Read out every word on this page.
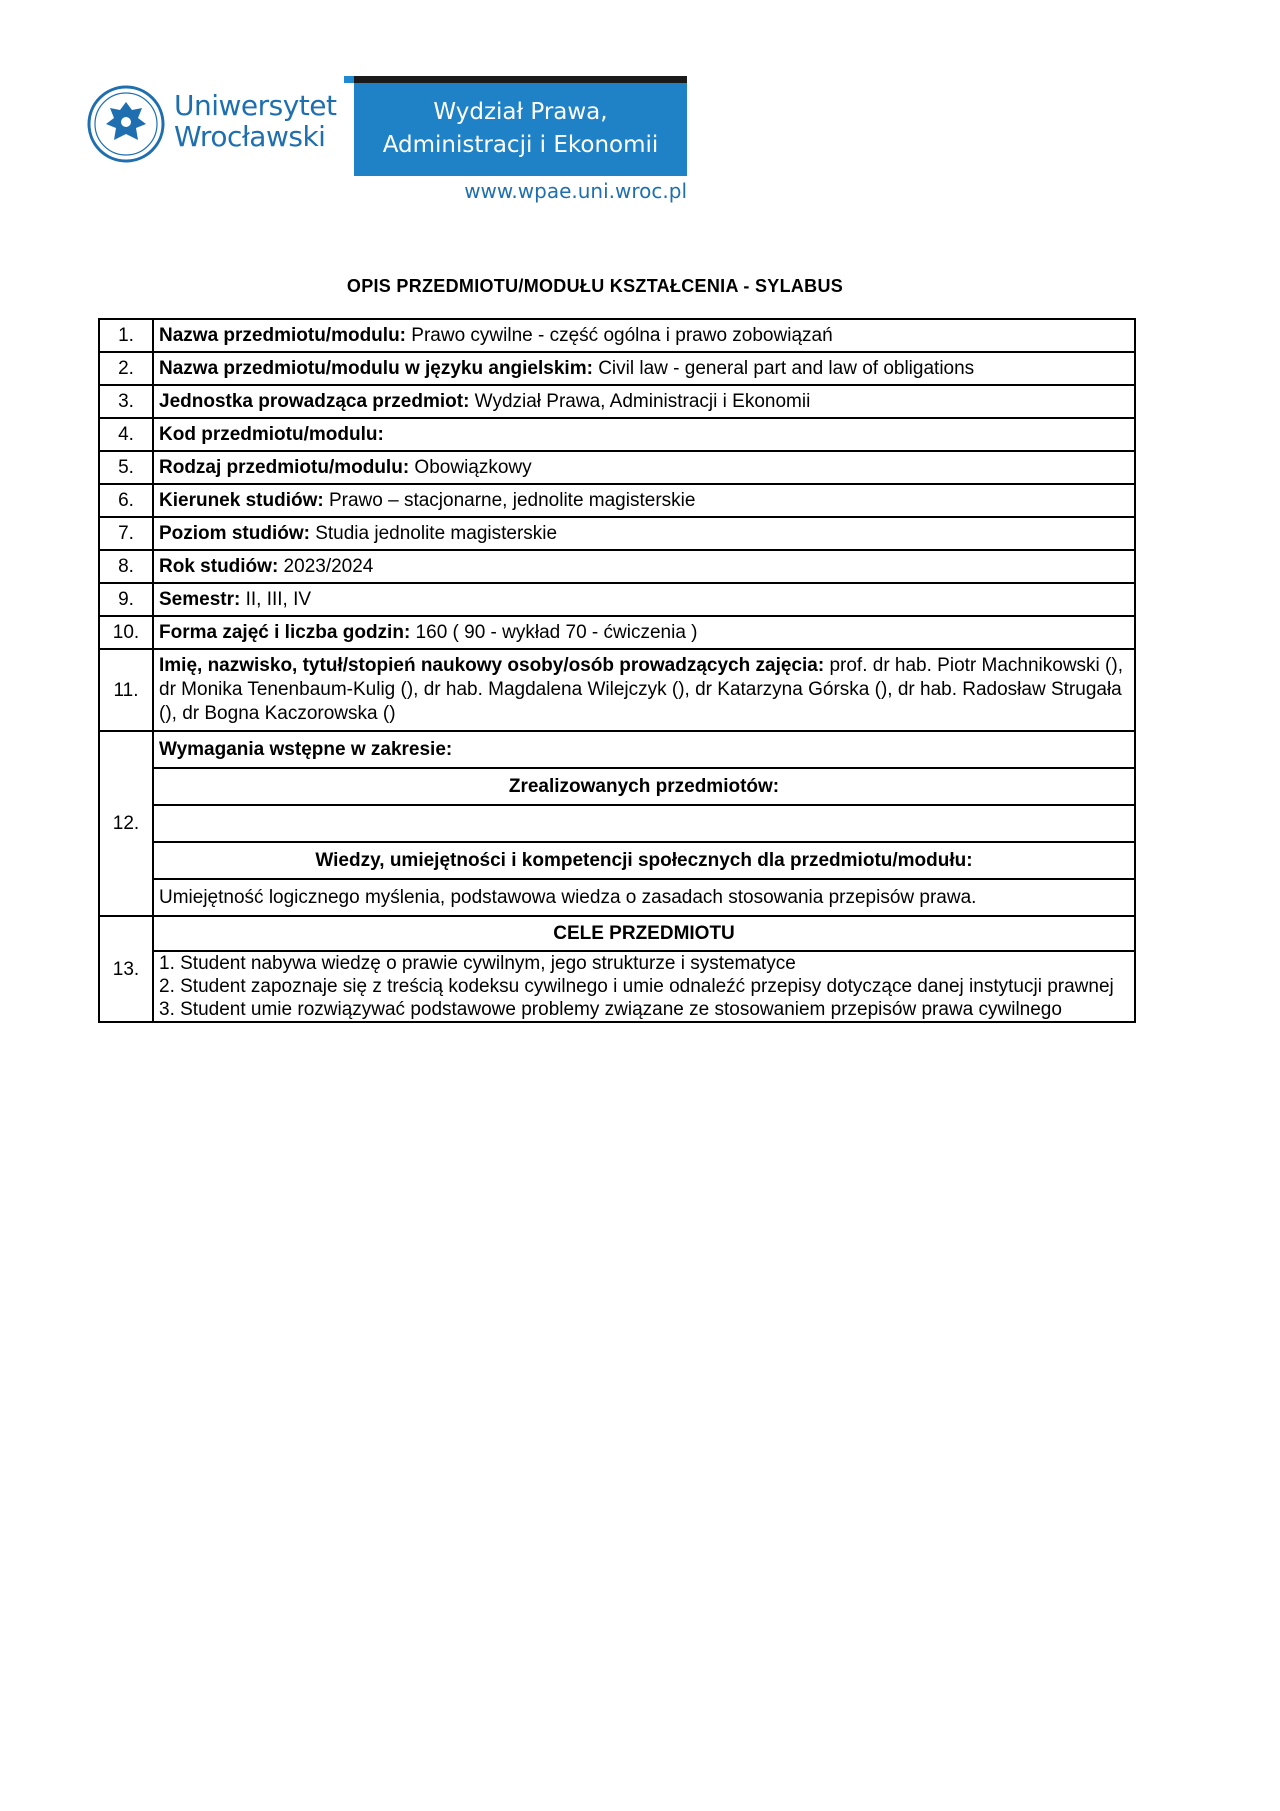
Uniwersytet
Wrocławski
Wydział Prawa,
Administracji i Ekonomii
www.wpae.uni.wroc.pl
OPIS PRZEDMIOTU/MODUŁU KSZTAŁCENIA - SYLABUS
1.	Nazwa przedmiotu/modulu: Prawo cywilne - część ogólna i prawo zobowiązań
2.	Nazwa przedmiotu/modulu w języku angielskim: Civil law - general part and law of obligations
3.	Jednostka prowadząca przedmiot: Wydział Prawa, Administracji i Ekonomii
4.	Kod przedmiotu/modulu:
5.	Rodzaj przedmiotu/modulu: Obowiązkowy
6.	Kierunek studiów: Prawo – stacjonarne, jednolite magisterskie
7.	Poziom studiów: Studia jednolite magisterskie
8.	Rok studiów: 2023/2024
9.	Semestr: II, III, IV
10.	Forma zajęć i liczba godzin: 160 ( 90 - wykład 70 - ćwiczenia )
11.	Imię, nazwisko, tytuł/stopień naukowy osoby/osób prowadzących zajęcia: prof. dr hab. Piotr Machnikowski (), dr Monika Tenenbaum-Kulig (), dr hab. Magdalena Wilejczyk (), dr Katarzyna Górska (), dr hab. Radosław Strugała (), dr Bogna Kaczorowska ()
12.	Wymagania wstępne w zakresie:
	Zrealizowanych przedmiotów:

	Wiedzy, umiejętności i kompetencji społecznych dla przedmiotu/modułu:
	Umiejętność logicznego myślenia, podstawowa wiedza o zasadach stosowania przepisów prawa.
13.	CELE PRZEDMIOTU

	1. Student nabywa wiedzę o prawie cywilnym, jego strukturze i systematyce
2. Student zapoznaje się z treścią kodeksu cywilnego i umie odnaleźć przepisy dotyczące danej instytucji prawnej
3. Student umie rozwiązywać podstawowe problemy związane ze stosowaniem przepisów prawa cywilnego
